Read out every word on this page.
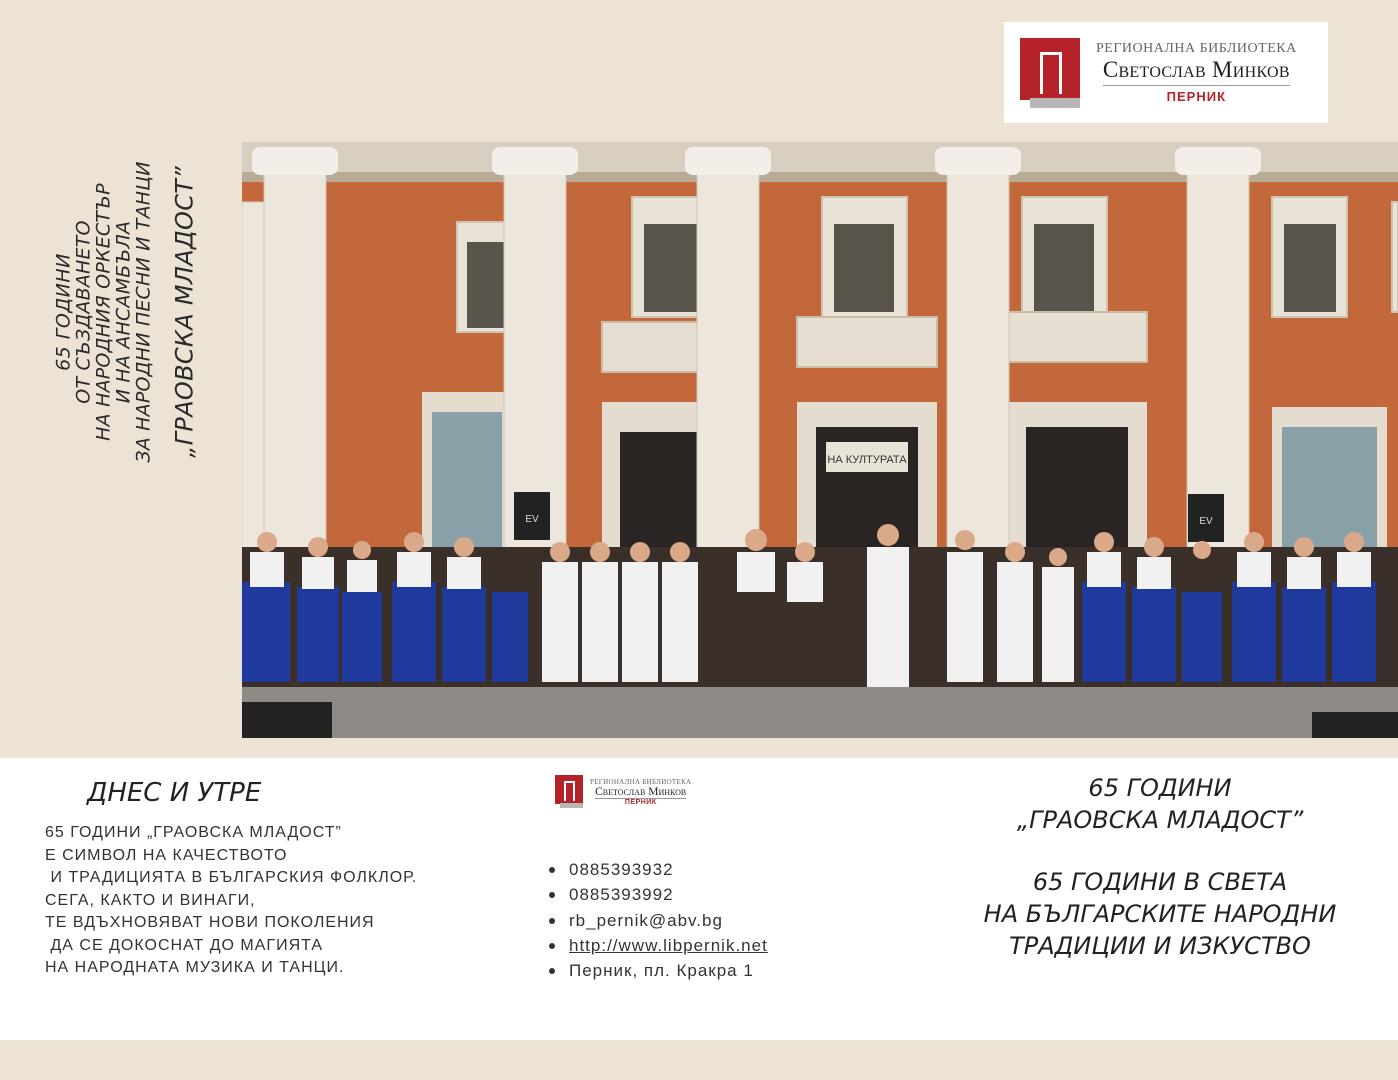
РЕГИОНАЛНА БИБЛИОТЕКА
Светослав Минков
ПЕРНИК
65 ГОДИНИ
ОТ СЪЗДАВАНЕТО
НА НАРОДНИЯ ОРКЕСТЪР
И НА АНСАМБЪЛА
ЗА НАРОДНИ ПЕСНИ И ТАНЦИ „ГРАОВСКА МЛАДОСТ”
НА КУЛТУРАТА
EV	EV
ДНЕС И УТРЕ

65 ГОДИНИ „ГРАОВСКА МЛАДОСТ”
Е СИМВОЛ НА КАЧЕСТВОТО
И ТРАДИЦИЯТА В БЪЛГАРСКИЯ ФОЛКЛОР.
СЕГА, КАКТО И ВИНАГИ,
ТЕ ВДЪХНОВЯВАТ НОВИ ПОКОЛЕНИЯ
ДА СЕ ДОКОСНАТ ДО МАГИЯТА
НА НАРОДНАТА МУЗИКА И ТАНЦИ.

РЕГИОНАЛНА БИБЛИОТЕКА
Светослав Минков
ПЕРНИК
0885393932
0885393992
rb_pernik@abv.bg
http://www.libpernik.net
Перник, пл. Кракра 1
65 ГОДИНИ
„ГРАОВСКА МЛАДОСТ”
65 ГОДИНИ В СВЕТА
НА БЪЛГАРСКИТЕ НАРОДНИ
ТРАДИЦИИ И ИЗКУСТВО
